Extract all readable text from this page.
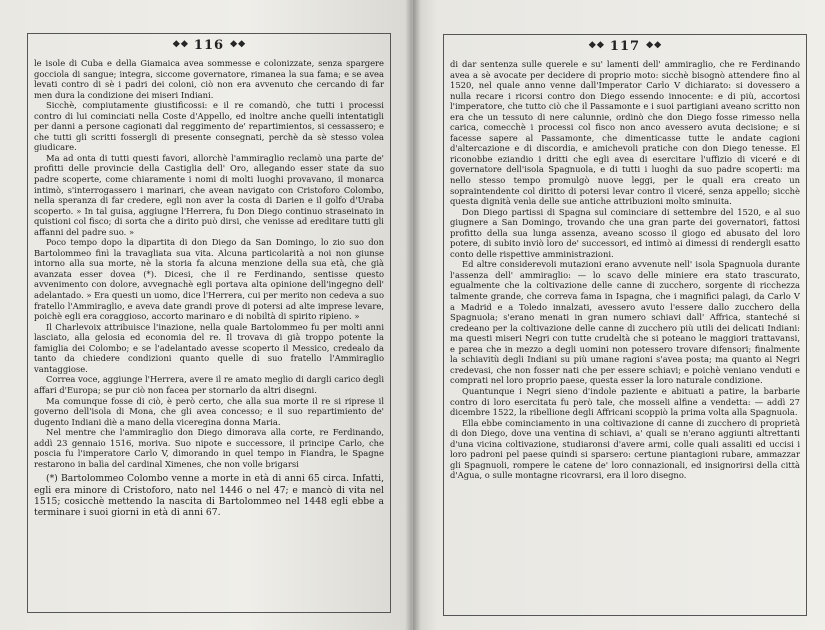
❖❖ 116 ❖❖

le isole di Cuba e della Giamaica avea sommesse e colonizzate, senza spargere gocciola di sangue; integra, siccome governatore, rimanea la sua fama; e se avea levati contro di sè i padri dei coloni, ciò non era avvenuto che cercando di far men dura la condizione dei miseri Indiani.

Sicchè, compiutamente giustificossi: e il re comandò, che tutti i processi contro di lui cominciati nella Coste d'Appello, ed inoltre anche quelli intentatigli per danni a persone cagionati dal reggimento de' repartimientos, si cessassero; e che tutti gli scritti fossergli di presente consegnati, perchè da sè stesso volea giudicare.

Ma ad onta di tutti questi favori, allorchè l'ammiraglio reclamò una parte de' profitti delle provincie della Castiglia dell' Oro, allegando esser state da suo padre scoperte, come chiaramente i nomi di molti luoghi provavano, il monarca intimò, s'interrogassero i marinari, che avean navigato con Cristoforo Colombo, nella speranza di far credere, egli non aver la costa di Darien e il golfo d'Uraba scoperto. » In tal guisa, aggiugne l'Herrera, fu Don Diego continuo straseinato in quistioni col fisco; di sorta che a dirito può dirsi, che venisse ad ereditare tutti gli affanni del padre suo. »

Poco tempo dopo la dipartita di don Diego da San Domingo, lo zio suo don Bartolommeo finì la travagliata sua vita. Alcuna particolarità a noi non giunse intorno alla sua morte, nè la storia fa alcuna menzione della sua età, che già avanzata esser dovea (*). Dicesi, che il re Ferdinando, sentisse questo avvenimento con dolore, avvegnachè egli portava alta opinione dell'ingegno dell' adelantado. » Era questi un uomo, dice l'Herrera, cui per merito non cedeva a suo fratello l'Ammiraglio, e aveva date grandi prove di potersi ad alte imprese levare, poichè egli era coraggioso, accorto marinaro e di nobiltà di spirito ripieno. »

Il Charlevoix attribuisce l'inazione, nella quale Bartolommeo fu per molti anni lasciato, alla gelosia ed economia del re. Il trovava di già troppo potente la famiglia dei Colombo; e se l'adelantado avesse scoperto il Messico, credealo da tanto da chiedere condizioni quanto quelle di suo fratello l'Ammiraglio vantaggiose.

Correa voce, aggiunge l'Herrera, avere il re amato meglio di dargli carico degli affari d'Europa; se pur ciò non facea per stornarlo da altri disegni.

Ma comunque fosse di ciò, è però certo, che alla sua morte il re si riprese il governo dell'isola di Mona, che gli avea concesso; e il suo repartimiento de' dugento Indiani diè a mano della viceregina donna Maria.

Nel mentre che l'ammiraglio don Diego dimorava alla corte, re Ferdinando, addì 23 gennaio 1516, moriva. Suo nipote e successore, il principe Carlo, che poscia fu l'imperatore Carlo V, dimorando in quel tempo in Fiandra, le Spagne restarono in balìa del cardinal Ximenes, che non volle brigarsi

(*) Bartolommeo Colombo venne a morte in età di anni 65 circa. Infatti, egli era minore di Cristoforo, nato nel 1446 o nel 47; e mancò di vita nel 1515; cosicchè mettendo la nascita di Bartolommeo nel 1448 egli ebbe a terminare i suoi giorni in età di anni 67.

❖❖ 117 ❖❖

di dar sentenza sulle querele e su' lamenti dell' ammiraglio, che re Ferdinando avea a sè avocate per decidere di proprio moto: sicchè bisognò attendere fino al 1520, nel quale anno venne dall'Imperator Carlo V dichiarato: si dovessero a nulla recare i ricorsi contro don Diego essendo innocente: e di più, accortosi l'imperatore, che tutto ciò che il Passamonte e i suoi partigiani aveano scritto non era che un tessuto di nere calunnie, ordinò che don Diego fosse rimesso nella carica, comecchè i processi col fisco non anco avessero avuta decisione; e si facesse sapere al Passamonte, che dimenticasse tutte le andate cagioni d'altercazione e di discordia, e amichevoli pratiche con don Diego tenesse. El riconobbe eziandio i dritti che egli avea di esercitare l'uffizio di viceré e di governatore dell'isola Spagnuola, e di tutti i luoghi da suo padre scoperti: ma nello stesso tempo promulgò nuove leggi, per le quali era creato un sopraintendente col diritto di potersi levar contro il viceré, senza appello; sicchè questa dignità venìa delle sue antiche attribuzioni molto sminuita.

Don Diego partissi di Spagna sul cominciare di settembre del 1520, e al suo giugnere a San Domingo, trovando che una gran parte dei governatori, fattosi profitto della sua lunga assenza, aveano scosso il giogo ed abusato del loro potere, di subito inviò loro de' successori, ed intimò ai dimessi di rendergli esatto conto delle rispettive amministrazioni.

Ed altre considerevoli mutazioni erano avvenute nell' isola Spagnuola durante l'assenza dell' ammiraglio: — lo scavo delle miniere era stato trascurato, egualmente che la coltivazione delle canne di zucchero, sorgente di ricchezza talmente grande, che correva fama in Ispagna, che i magnifici palagi, da Carlo V a Madrid e a Toledo innalzati, avessero avuto l'essere dallo zucchero della Spagnuola; s'erano menati in gran numero schiavi dall' Affrica, stanteché si credeano per la coltivazione delle canne di zucchero più utili dei delicati Indiani: ma questi miseri Negri con tutte crudeltà che si poteano le maggiori trattavansi, e parea che in mezzo a degli uomini non potessero trovare difensori; finalmente la schiavitù degli Indiani su più umane ragioni s'avea posta; ma quanto ai Negri credevasi, che non fosser nati che per essere schiavi; e poichè veniano venduti e comprati nel loro proprio paese, questa esser la loro naturale condizione.

Quantunque i Negri sieno d'indole paziente e abituati a patire, la barbarie contro di loro esercitata fu però tale, che mosseli alfine a vendetta: — addì 27 dicembre 1522, la ribellione degli Affricani scoppiò la prima volta alla Spagnuola.

Ella ebbe cominciamento in una coltivazione di canne di zucchero di proprietà di don Diego, dove una ventina di schiavi, a' quali se n'erano aggiunti altrettanti d'una vicina coltivazione, studiaronsi d'avere armi, colle quali assaliti ed uccisi i loro padroni pel paese quindi si sparsero: certune piantagioni rubare, ammazzar gli Spagnuoli, rompere le catene de' loro connazionali, ed insignorirsi della città d'Agua, o sulle montagne ricovrarsi, era il loro disegno.
